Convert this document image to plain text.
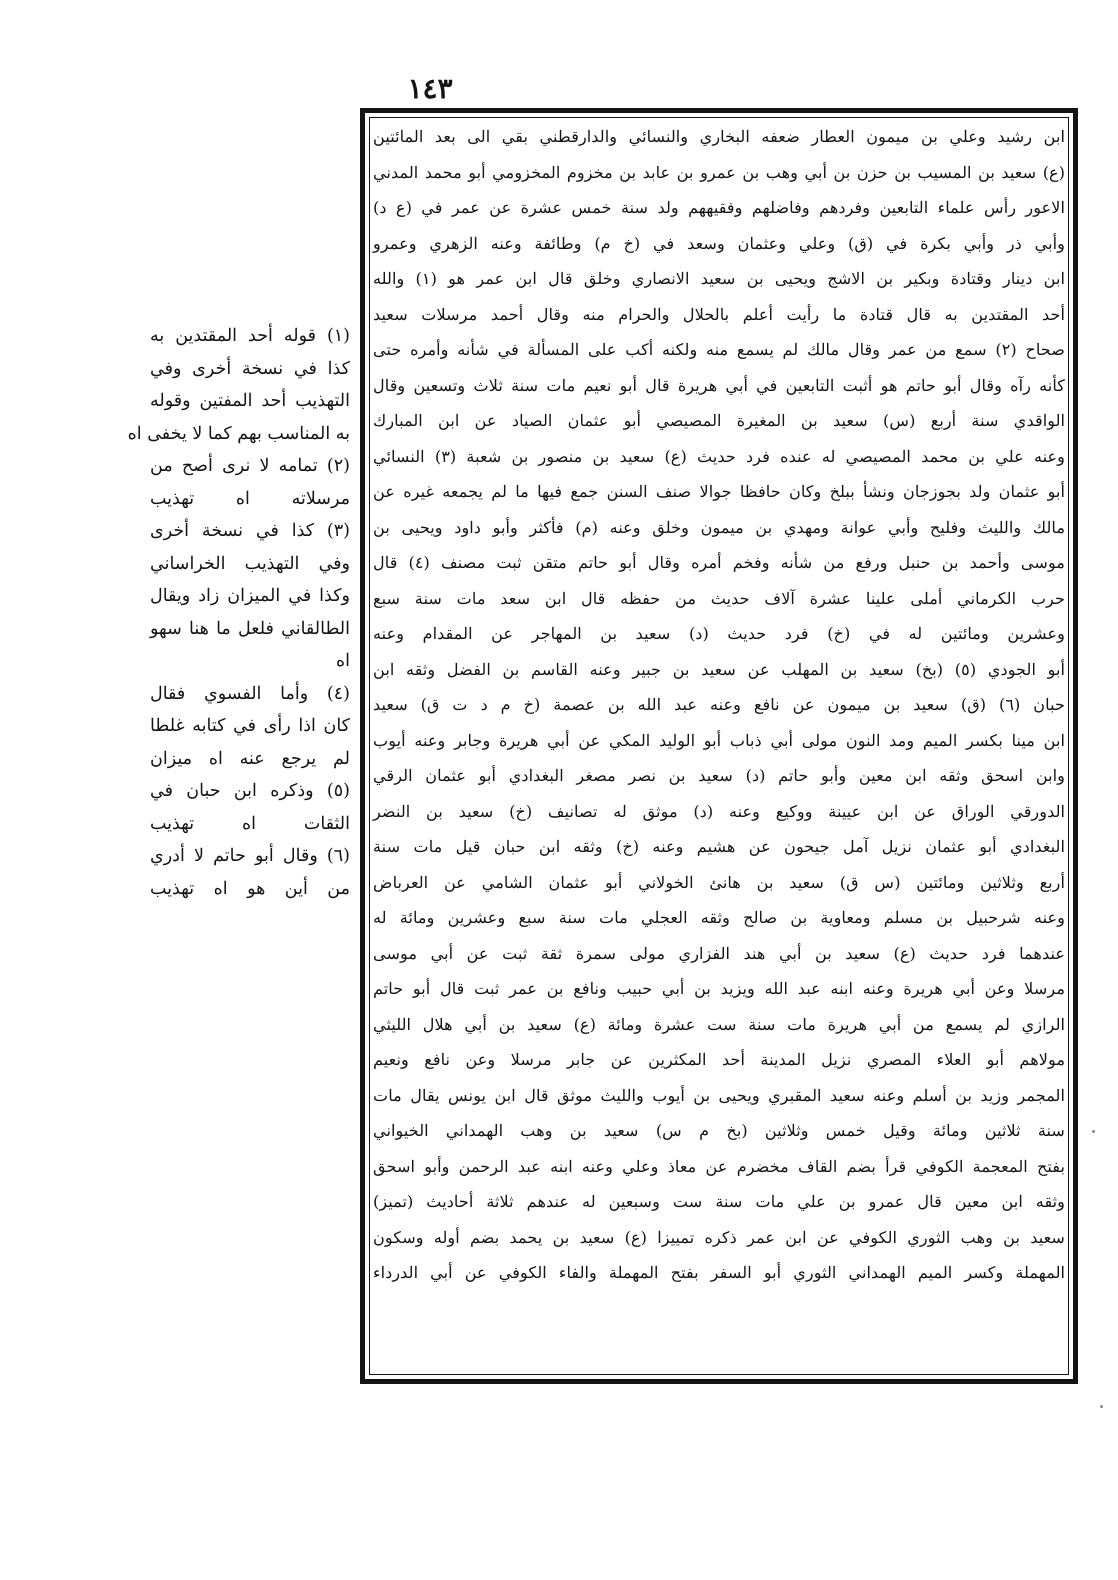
١٤٣
ابن رشيد وعلي بن ميمون العطار ضعفه البخاري والنسائي والدارقطني بقي الى بعد المائتين
(ع) سعيد بن المسيب بن حزن بن أبي وهب بن عمرو بن عابد بن مخزوم المخزومي أبو محمد المدني
الاعور رأس علماء التابعين وفردهم وفاضلهم وفقيههم ولد سنة خمس عشرة عن عمر في (ع د)
وأبي ذر وأبي بكرة في (ق) وعلي وعثمان وسعد في (خ م) وطائفة وعنه الزهري وعمرو
ابن دينار وقتادة وبكير بن الاشج ويحيى بن سعيد الانصاري وخلق قال ابن عمر هو (١) والله
أحد المقتدين به قال قتادة ما رأيت أعلم بالحلال والحرام منه وقال أحمد مرسلات سعيد
صحاح (٢) سمع من عمر وقال مالك لم يسمع منه ولكنه أكب على المسألة في شأنه وأمره حتى
كأنه رآه وقال أبو حاتم هو أثبت التابعين في أبي هريرة قال أبو نعيم مات سنة ثلاث وتسعين وقال
الواقدي سنة أربع (س) سعيد بن المغيرة المصيصي أبو عثمان الصياد عن ابن المبارك
وعنه علي بن محمد المصيصي له عنده فرد حديث (ع) سعيد بن منصور بن شعبة (٣) النسائي
أبو عثمان ولد بجوزجان ونشأ ببلخ وكان حافظا جوالا صنف السنن جمع فيها ما لم يجمعه غيره عن
مالك والليث وفليح وأبي عوانة ومهدي بن ميمون وخلق وعنه (م) فأكثر وأبو داود ويحيى بن
موسى وأحمد بن حنبل ورفع من شأنه وفخم أمره وقال أبو حاتم متقن ثبت مصنف (٤) قال
حرب الكرماني أملى علينا عشرة آلاف حديث من حفظه قال ابن سعد مات سنة سبع
وعشرين ومائتين له في (خ) فرد حديث (د) سعيد بن المهاجر عن المقدام وعنه
أبو الجودي (٥) (بخ) سعيد بن المهلب عن سعيد بن جبير وعنه القاسم بن الفضل وثقه ابن
حبان (٦) (ق) سعيد بن ميمون عن نافع وعنه عبد الله بن عصمة (خ م د ت ق) سعيد
ابن مينا بكسر الميم ومد النون مولى أبي ذباب أبو الوليد المكي عن أبي هريرة وجابر وعنه أيوب
وابن اسحق وثقه ابن معين وأبو حاتم (د) سعيد بن نصر مصغر البغدادي أبو عثمان الرقي
الدورقي الوراق عن ابن عيينة ووكيع وعنه (د) موثق له تصانيف (خ) سعيد بن النضر
البغدادي أبو عثمان نزيل آمل جيحون عن هشيم وعنه (خ) وثقه ابن حبان قيل مات سنة
أربع وثلاثين ومائتين (س ق) سعيد بن هانئ الخولاني أبو عثمان الشامي عن العرباض
وعنه شرحبيل بن مسلم ومعاوية بن صالح وثقه العجلي مات سنة سبع وعشرين ومائة له
عندهما فرد حديث (ع) سعيد بن أبي هند الفزاري مولى سمرة ثقة ثبت عن أبي موسى
مرسلا وعن أبي هريرة وعنه ابنه عبد الله ويزيد بن أبي حبيب ونافع بن عمر ثبت قال أبو حاتم
الرازي لم يسمع من أبي هريرة مات سنة ست عشرة ومائة (ع) سعيد بن أبي هلال الليثي
مولاهم أبو العلاء المصري نزيل المدينة أحد المكثرين عن جابر مرسلا وعن نافع ونعيم
المجمر وزيد بن أسلم وعنه سعيد المقبري ويحيى بن أيوب والليث موثق قال ابن يونس يقال مات
سنة ثلاثين ومائة وقيل خمس وثلاثين (بخ م س) سعيد بن وهب الهمداني الخيواني
بفتح المعجمة الكوفي قرأ بضم القاف مخضرم عن معاذ وعلي وعنه ابنه عبد الرحمن وأبو اسحق
وثقه ابن معين قال عمرو بن علي مات سنة ست وسبعين له عندهم ثلاثة أحاديث (تميز)
سعيد بن وهب الثوري الكوفي عن ابن عمر ذكره تمييزا (ع) سعيد بن يحمد بضم أوله وسكون
المهملة وكسر الميم الهمداني الثوري أبو السفر بفتح المهملة والفاء الكوفي عن أبي الدرداء
(١) قوله أحد المقتدين به
كذا في نسخة أخرى وفي
التهذيب أحد المفتين وقوله
به المناسب بهم كما لا يخفى اه
(٢) تمامه لا نرى أصح من
مرسلاته اه تهذيب
(٣) كذا في نسخة أخرى
وفي التهذيب الخراساني
وكذا في الميزان زاد ويقال
الطالقاني فلعل ما هنا سهو
اه
(٤) وأما الفسوي فقال
كان اذا رأى في كتابه غلطا
لم يرجع عنه اه ميزان
(٥) وذكره ابن حبان في
الثقات اه تهذيب
(٦) وقال أبو حاتم لا أدري
من أين هو اه تهذيب
